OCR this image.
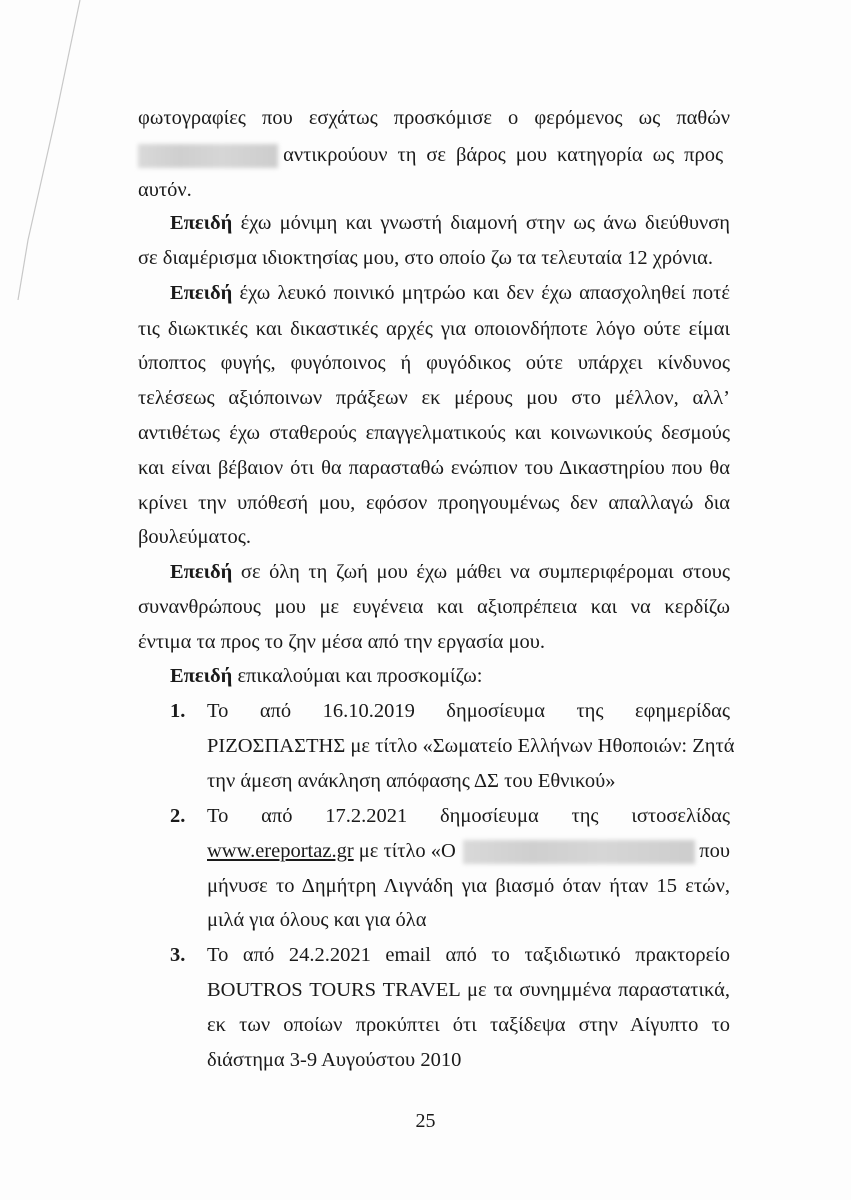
φωτογραφίες που εσχάτως προσκόμισε ο φερόμενος ως παθών
αντικρούουν τη σε βάρος μου κατηγορία ως προς
αυτόν.
Επειδή έχω μόνιμη και γνωστή διαμονή στην ως άνω διεύθυνση
σε διαμέρισμα ιδιοκτησίας μου, στο οποίο ζω τα τελευταία 12 χρόνια.
Επειδή έχω λευκό ποινικό μητρώο και δεν έχω απασχοληθεί ποτέ
τις διωκτικές και δικαστικές αρχές για οποιονδήποτε λόγο ούτε είμαι
ύποπτος φυγής, φυγόποινος ή φυγόδικος ούτε υπάρχει κίνδυνος
τελέσεως αξιόποινων πράξεων εκ μέρους μου στο μέλλον, αλλ’
αντιθέτως έχω σταθερούς επαγγελματικούς και κοινωνικούς δεσμούς
και είναι βέβαιον ότι θα παρασταθώ ενώπιον του Δικαστηρίου που θα
κρίνει την υπόθεσή μου, εφόσον προηγουμένως δεν απαλλαγώ δια
βουλεύματος.
Επειδή σε όλη τη ζωή μου έχω μάθει να συμπεριφέρομαι στους
συνανθρώπους μου με ευγένεια και αξιοπρέπεια και να κερδίζω
έντιμα τα προς το ζην μέσα από την εργασία μου.
Επειδή επικαλούμαι και προσκομίζω:
1. Το από 16.10.2019 δημοσίευμα της εφημερίδας
ΡΙΖΟΣΠΑΣΤΗΣ με τίτλο «Σωματείο Ελλήνων Ηθοποιών: Ζητά
την άμεση ανάκληση απόφασης ΔΣ του Εθνικού»
2. Το από 17.2.2021 δημοσίευμα της ιστοσελίδας
www.ereportaz.gr με τίτλο «Ο	που
μήνυσε το Δημήτρη Λιγνάδη για βιασμό όταν ήταν 15 ετών,
μιλά για όλους και για όλα
3. Το από 24.2.2021 email από το ταξιδιωτικό πρακτορείο
BOUTROS TOURS TRAVEL με τα συνημμένα παραστατικά,
εκ των οποίων προκύπτει ότι ταξίδεψα στην Αίγυπτο το
διάστημα 3-9 Αυγούστου 2010
25
